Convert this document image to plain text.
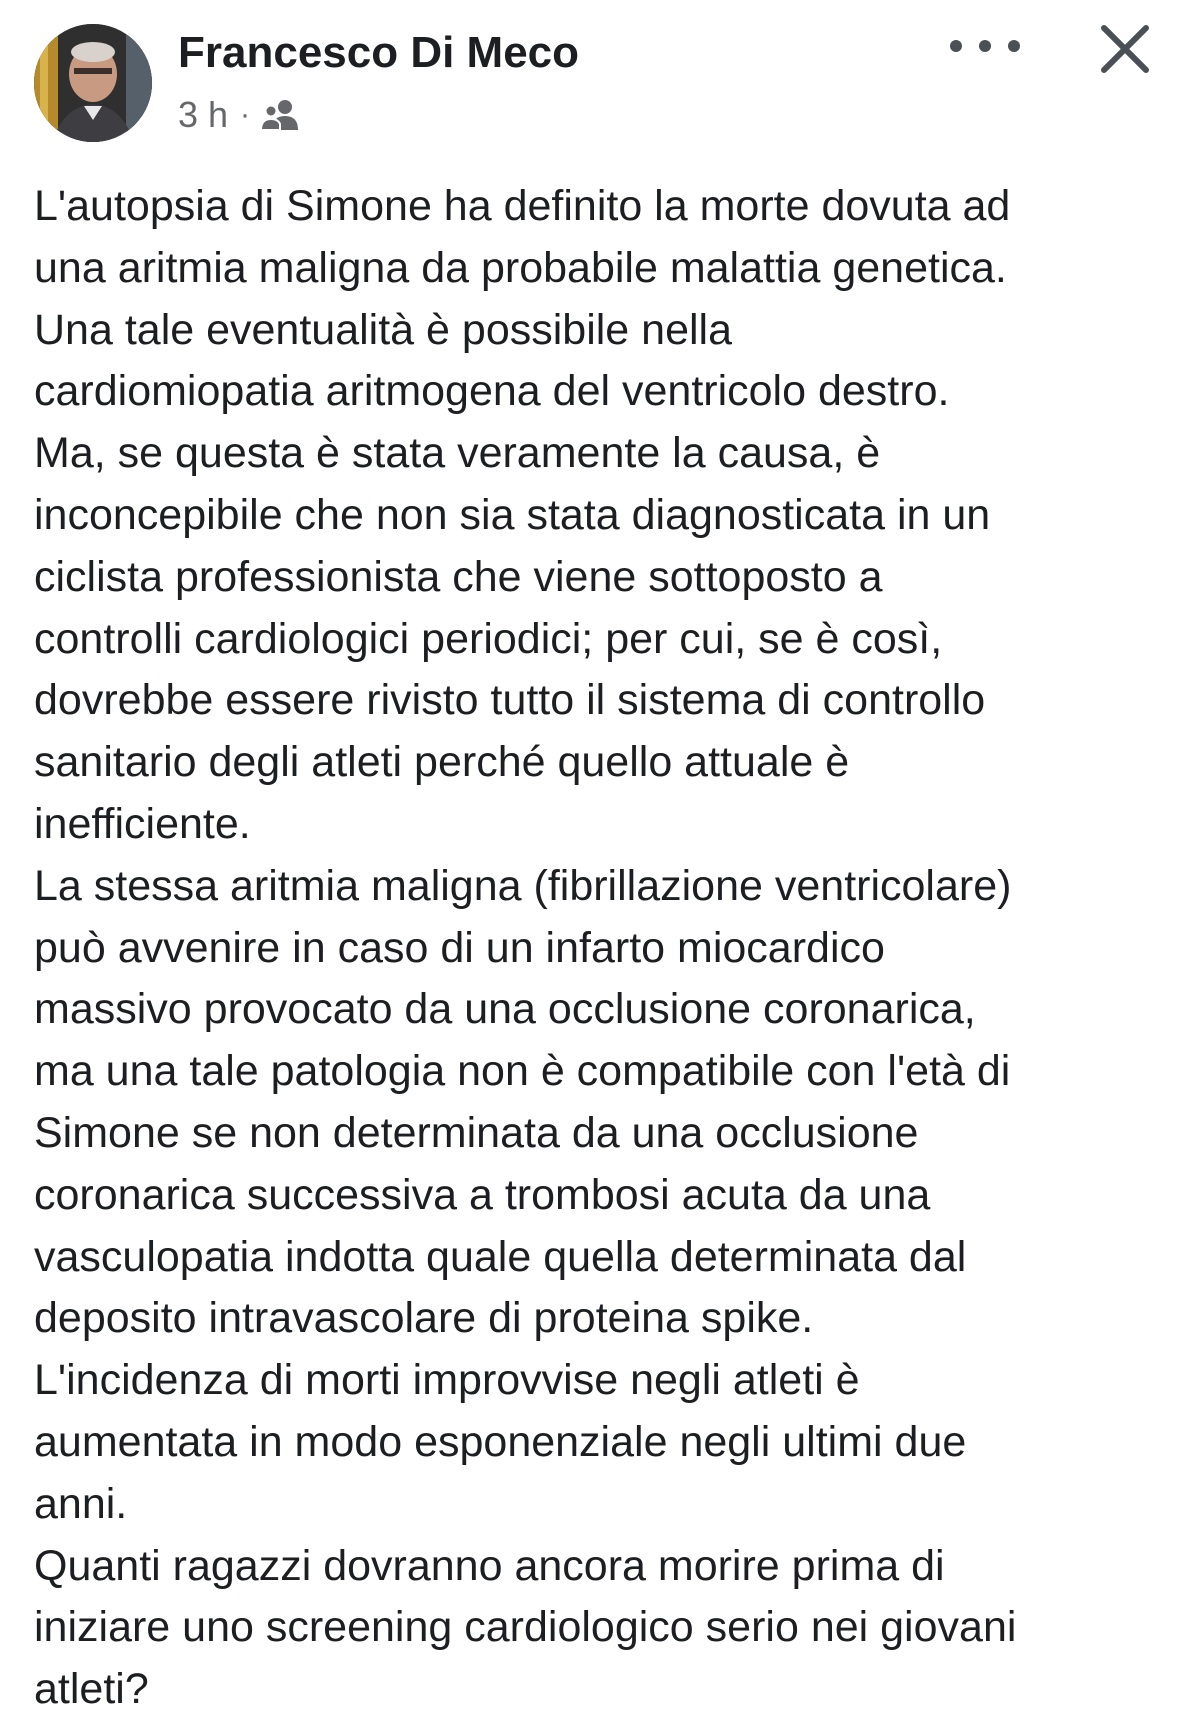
Francesco Di Meco
3 h ·
L'autopsia di Simone ha definito la morte dovuta ad
una aritmia maligna da probabile malattia genetica.
Una tale eventualità è possibile nella
cardiomiopatia aritmogena del ventricolo destro.
Ma, se questa è stata veramente la causa, è
inconcepibile che non sia stata diagnosticata in un
ciclista professionista che viene sottoposto a
controlli cardiologici periodici; per cui, se è così,
dovrebbe essere rivisto tutto il sistema di controllo
sanitario degli atleti perché quello attuale è
inefficiente.
La stessa aritmia maligna (fibrillazione ventricolare)
può avvenire in caso di un infarto miocardico
massivo provocato da una occlusione coronarica,
ma una tale patologia non è compatibile con l'età di
Simone se non determinata da una occlusione
coronarica successiva a trombosi acuta da una
vasculopatia indotta quale quella determinata dal
deposito intravascolare di proteina spike.
L'incidenza di morti improvvise negli atleti è
aumentata in modo esponenziale negli ultimi due
anni.
Quanti ragazzi dovranno ancora morire prima di
iniziare uno screening cardiologico serio nei giovani
atleti?
